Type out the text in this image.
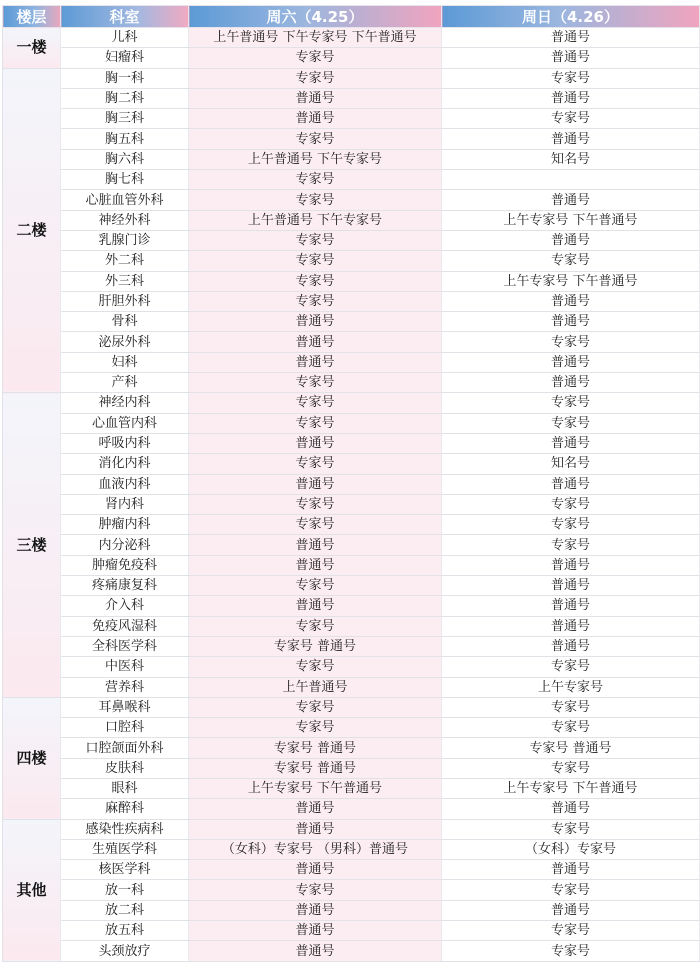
楼层	科室	周六（4.25）	周日（4.26）
一楼	儿科	上午普通号 下午专家号 下午普通号	普通号
	妇瘤科	专家号	普通号
二楼	胸一科	专家号	专家号
	胸二科	普通号	普通号
	胸三科	普通号	专家号
	胸五科	专家号	普通号
	胸六科	上午普通号 下午专家号	知名号
	胸七科	专家号	
	心脏血管外科	专家号	普通号
	神经外科	上午普通号 下午专家号	上午专家号 下午普通号
	乳腺门诊	专家号	普通号
	外二科	专家号	专家号
	外三科	专家号	上午专家号 下午普通号
	肝胆外科	专家号	普通号
	骨科	普通号	普通号
	泌尿外科	普通号	专家号
	妇科	普通号	普通号
	产科	专家号	普通号
三楼	神经内科	专家号	专家号
	心血管内科	专家号	专家号
	呼吸内科	普通号	普通号
	消化内科	专家号	知名号
	血液内科	普通号	普通号
	肾内科	专家号	专家号
	肿瘤内科	专家号	专家号
	内分泌科	普通号	专家号
	肿瘤免疫科	普通号	普通号
	疼痛康复科	专家号	普通号
	介入科	普通号	普通号
	免疫风湿科	专家号	普通号
	全科医学科	专家号 普通号	普通号
	中医科	专家号	专家号
	营养科	上午普通号	上午专家号
四楼	耳鼻喉科	专家号	专家号
	口腔科	专家号	专家号
	口腔颌面外科	专家号 普通号	专家号 普通号
	皮肤科	专家号 普通号	专家号
	眼科	上午专家号 下午普通号	上午专家号 下午普通号
	麻醉科	普通号	普通号
其他	感染性疾病科	普通号	专家号
	生殖医学科	（女科）专家号 （男科）普通号	（女科）专家号
	核医学科	普通号	普通号
	放一科	专家号	专家号
	放二科	普通号	普通号
	放五科	普通号	专家号
	头颈放疗	普通号	专家号
